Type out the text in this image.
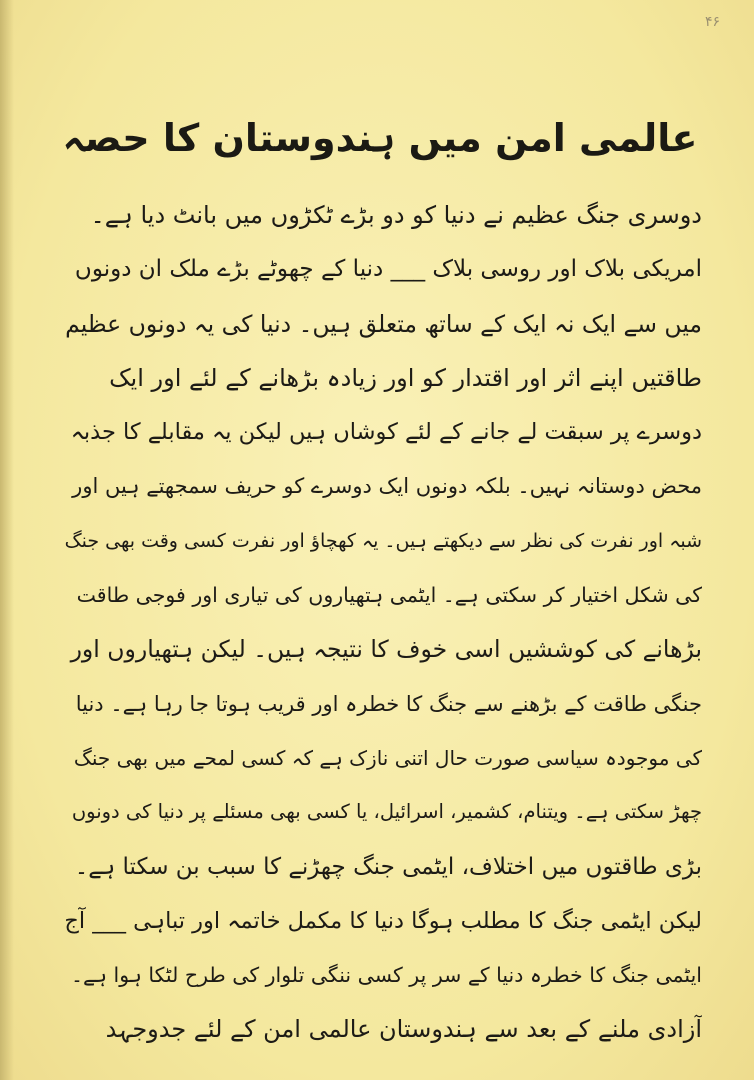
۴۶
عالمی امن میں ہندوستان کا حصہ
دوسری جنگ عظیم نے دنیا کو دو بڑے ٹکڑوں میں بانٹ دیا ہے۔
امریکی بلاک اور روسی بلاک ___ دنیا کے چھوٹے بڑے ملک ان دونوں
میں سے ایک نہ ایک کے ساتھ متعلق ہیں۔ دنیا کی یہ دونوں عظیم
طاقتیں اپنے اثر اور اقتدار کو اور زیادہ بڑھانے کے لئے اور ایک
دوسرے پر سبقت لے جانے کے لئے کوشاں ہیں لیکن یہ مقابلے کا جذبہ
محض دوستانہ نہیں۔ بلکہ دونوں ایک دوسرے کو حریف سمجھتے ہیں اور
شبہ اور نفرت کی نظر سے دیکھتے ہیں۔ یہ کھچاؤ اور نفرت کسی وقت بھی جنگ
کی شکل اختیار کر سکتی ہے۔ ایٹمی ہتھیاروں کی تیاری اور فوجی طاقت
بڑھانے کی کوششیں اسی خوف کا نتیجہ ہیں۔ لیکن ہتھیاروں اور
جنگی طاقت کے بڑھنے سے جنگ کا خطرہ اور قریب ہوتا جا رہا ہے۔ دنیا
کی موجودہ سیاسی صورت حال اتنی نازک ہے کہ کسی لمحے میں بھی جنگ
چھڑ سکتی ہے۔ ویتنام، کشمیر، اسرائیل، یا کسی بھی مسئلے پر دنیا کی دونوں
بڑی طاقتوں میں اختلاف، ایٹمی جنگ چھڑنے کا سبب بن سکتا ہے۔
لیکن ایٹمی جنگ کا مطلب ہوگا دنیا کا مکمل خاتمہ اور تباہی ___ آج
ایٹمی جنگ کا خطرہ دنیا کے سر پر کسی ننگی تلوار کی طرح لٹکا ہوا ہے۔
آزادی ملنے کے بعد سے ہندوستان عالمی امن کے لئے جدوجہد
